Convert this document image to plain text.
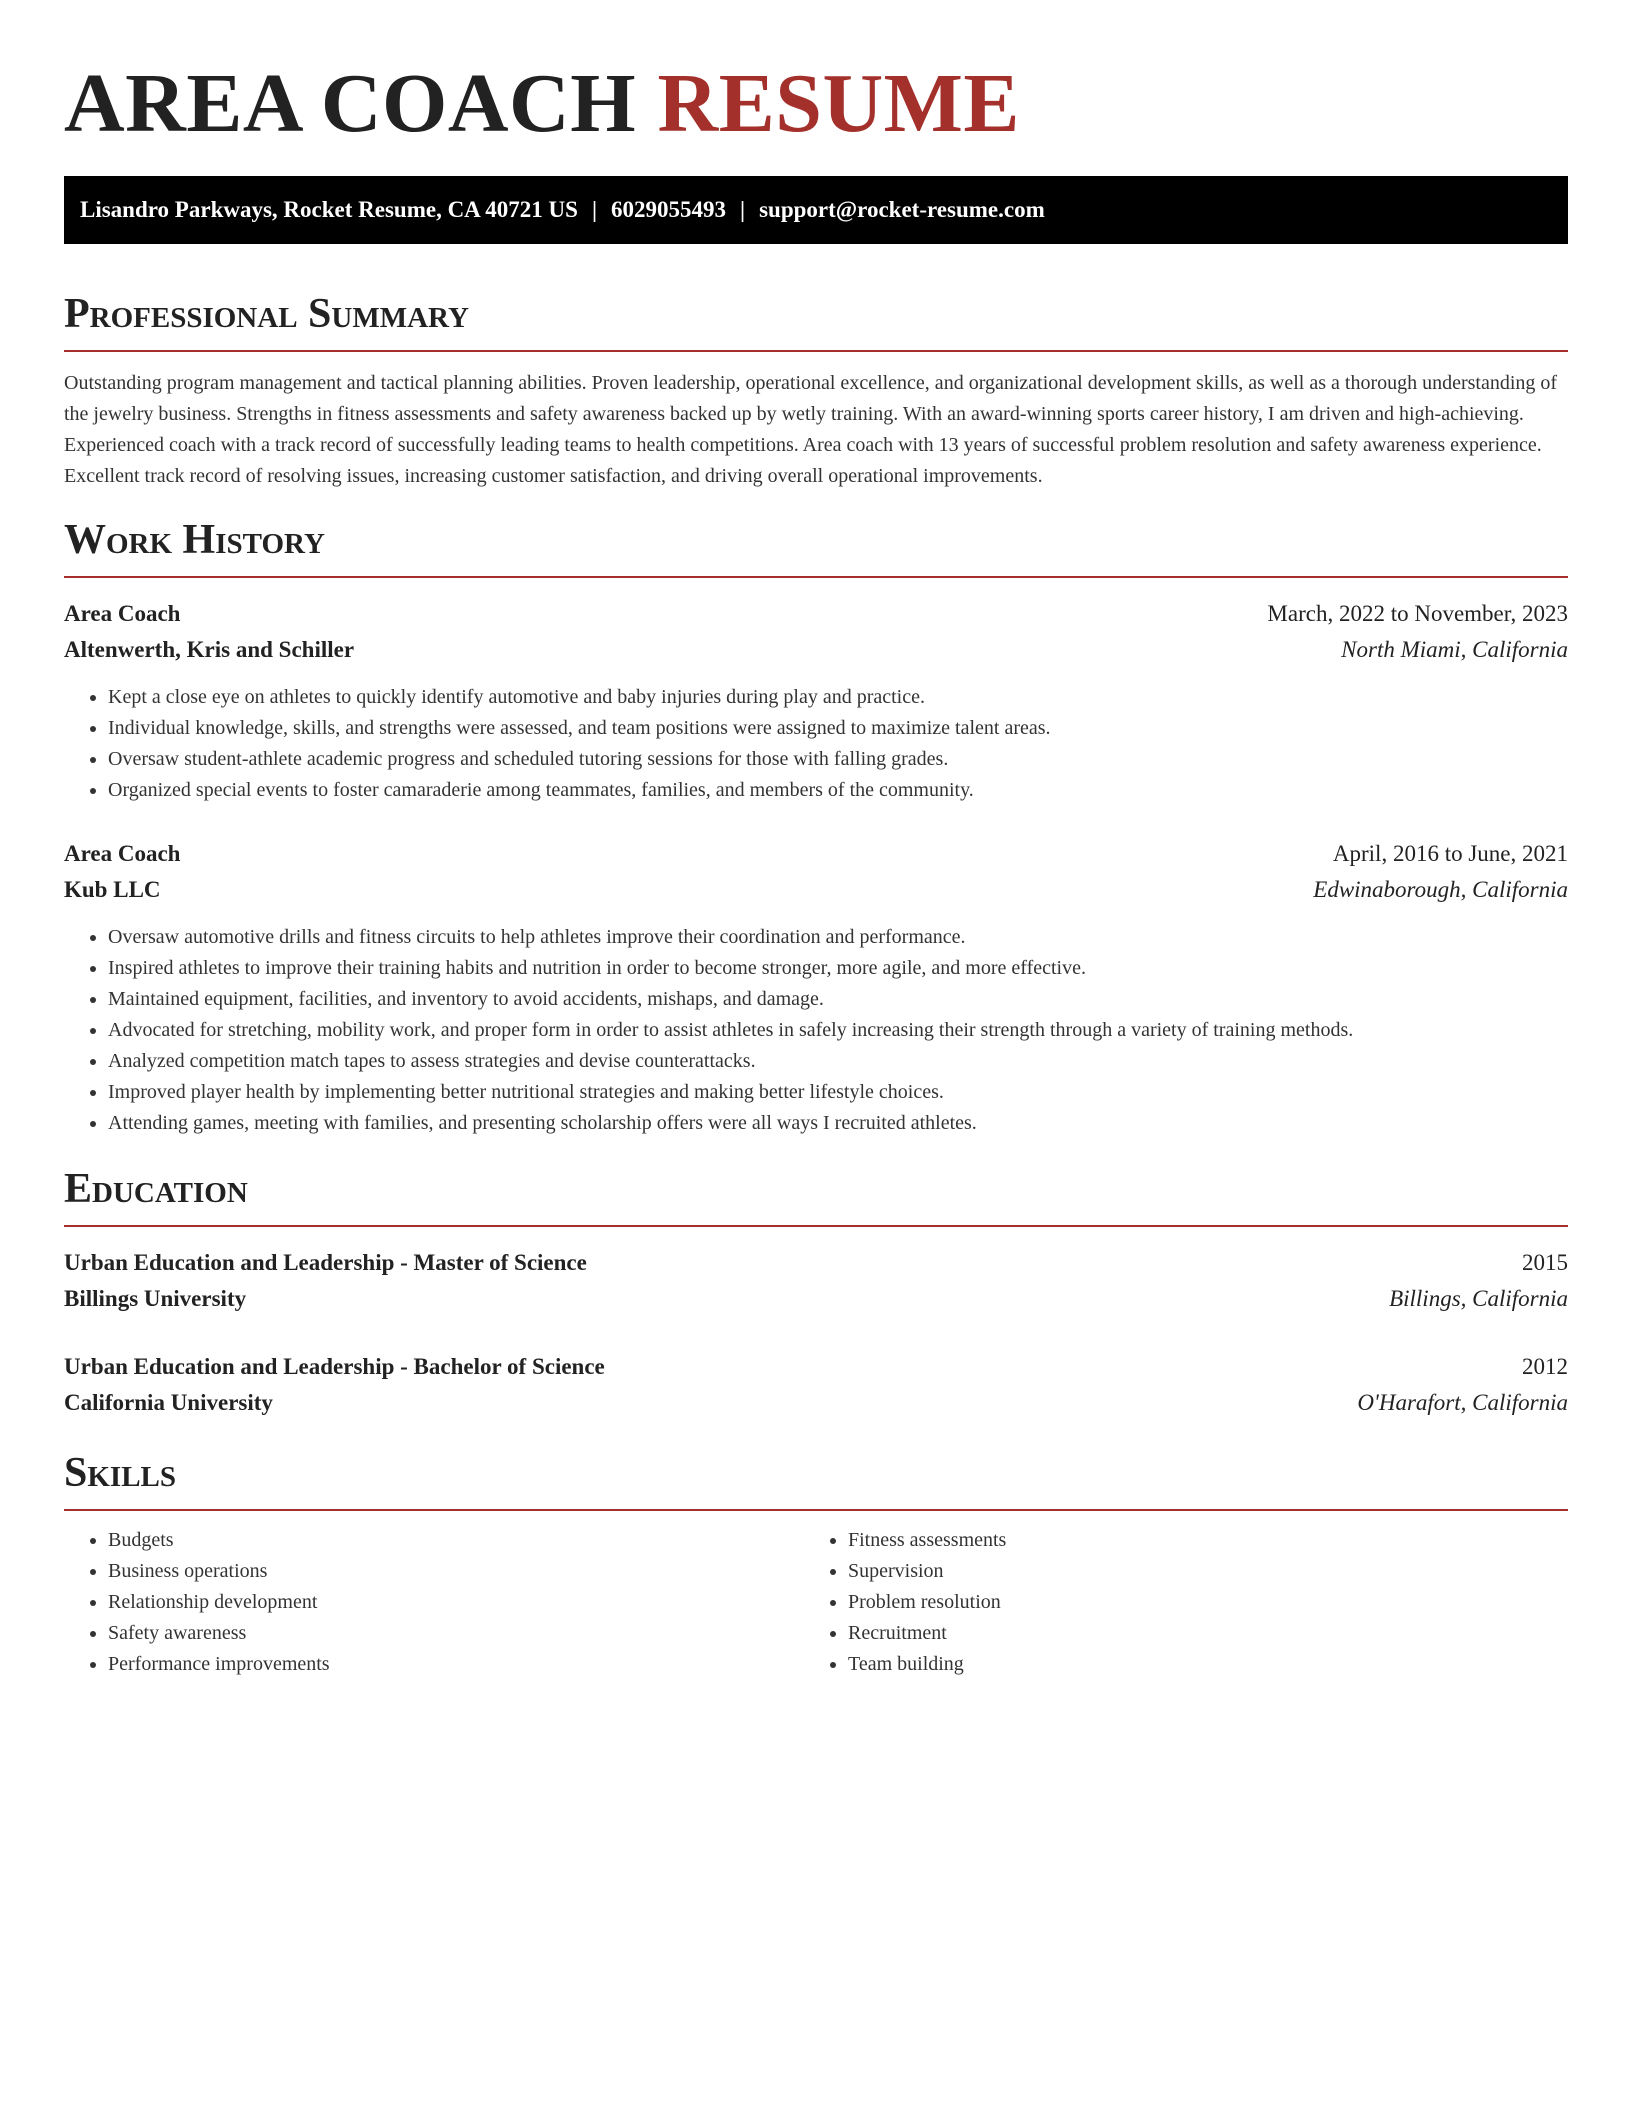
AREA COACH RESUME
Lisandro Parkways, Rocket Resume, CA 40721 US | 6029055493 | support@rocket-resume.com
Professional Summary

Outstanding program management and tactical planning abilities. Proven leadership, operational excellence, and organizational development skills, as well as a thorough understanding of the jewelry business. Strengths in fitness assessments and safety awareness backed up by wetly training. With an award-winning sports career history, I am driven and high-achieving. Experienced coach with a track record of successfully leading teams to health competitions. Area coach with 13 years of successful problem resolution and safety awareness experience. Excellent track record of resolving issues, increasing customer satisfaction, and driving overall operational improvements.

Work History
Area Coach	March, 2022 to November, 2023
Altenwerth, Kris and Schiller	North Miami, California
• Kept a close eye on athletes to quickly identify automotive and baby injuries during play and practice.
• Individual knowledge, skills, and strengths were assessed, and team positions were assigned to maximize talent areas.
• Oversaw student-athlete academic progress and scheduled tutoring sessions for those with falling grades.
• Organized special events to foster camaraderie among teammates, families, and members of the community.
Area Coach	April, 2016 to June, 2021
Kub LLC	Edwinaborough, California
• Oversaw automotive drills and fitness circuits to help athletes improve their coordination and performance.
• Inspired athletes to improve their training habits and nutrition in order to become stronger, more agile, and more effective.
• Maintained equipment, facilities, and inventory to avoid accidents, mishaps, and damage.
• Advocated for stretching, mobility work, and proper form in order to assist athletes in safely increasing their strength through a variety of training methods.
• Analyzed competition match tapes to assess strategies and devise counterattacks.
• Improved player health by implementing better nutritional strategies and making better lifestyle choices.
• Attending games, meeting with families, and presenting scholarship offers were all ways I recruited athletes.
Education
Urban Education and Leadership - Master of Science	2015
Billings University	Billings, California
Urban Education and Leadership - Bachelor of Science	2012
California University	O'Harafort, California
Skills
• Budgets
• Business operations
• Relationship development
• Safety awareness
• Performance improvements
• Fitness assessments
• Supervision
• Problem resolution
• Recruitment
• Team building
